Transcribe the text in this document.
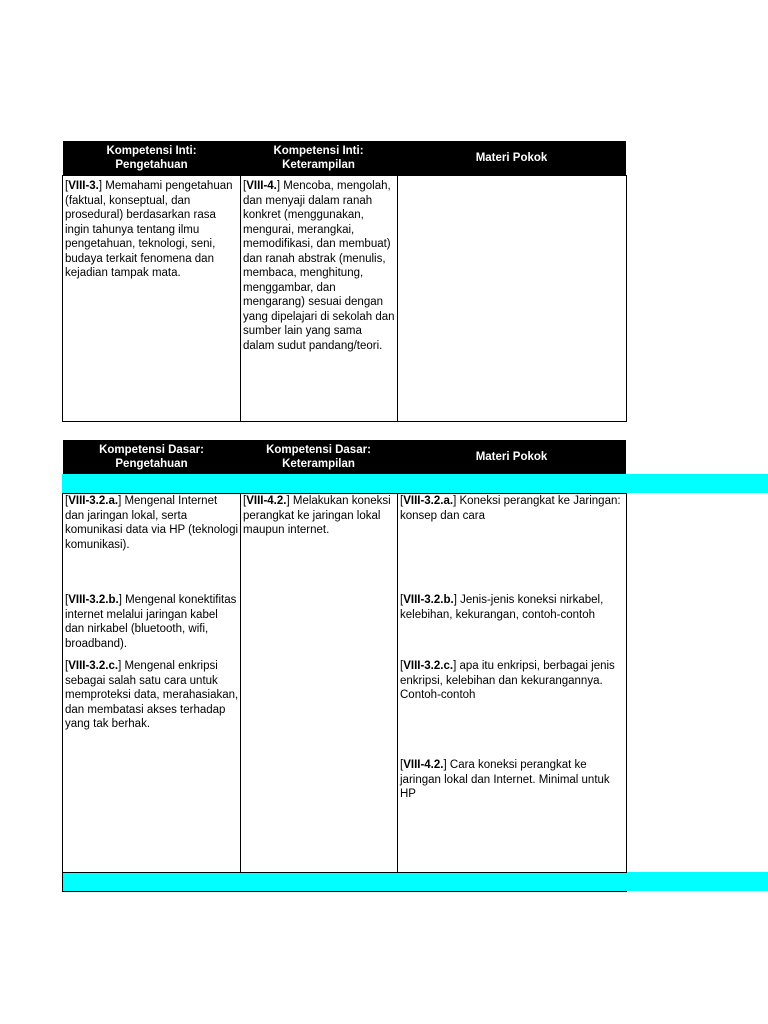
Kompetensi Inti:
Pengetahuan
Kompetensi Inti:
Keterampilan
Materi Pokok
[VIII-3.] Memahami pengetahuan (faktual, konseptual, dan prosedural) berdasarkan rasa ingin tahunya tentang ilmu pengetahuan, teknologi, seni, budaya terkait fenomena dan kejadian tampak mata.
[VIII-4.] Mencoba, mengolah, dan menyaji dalam ranah konkret (menggunakan, mengurai, merangkai, memodifikasi, dan membuat) dan ranah abstrak (menulis, membaca, menghitung, menggambar, dan mengarang) sesuai dengan yang dipelajari di sekolah dan sumber lain yang sama dalam sudut pandang/teori.
Kompetensi Dasar:
Pengetahuan
Kompetensi Dasar:
Keterampilan
Materi Pokok
[VIII-3.2.a.] Mengenal Internet dan jaringan lokal, serta komunikasi data via HP (teknologi komunikasi).
[VIII-3.2.b.] Mengenal konektifitas internet melalui jaringan kabel dan nirkabel (bluetooth, wifi, broadband).
[VIII-3.2.c.] Mengenal enkripsi sebagai salah satu cara untuk memproteksi data, merahasiakan, dan membatasi akses terhadap yang tak berhak.
[VIII-4.2.] Melakukan koneksi perangkat ke jaringan lokal maupun internet.
[VIII-3.2.a.] Koneksi perangkat ke Jaringan: konsep dan cara
[VIII-3.2.b.] Jenis-jenis koneksi nirkabel, kelebihan, kekurangan, contoh-contoh
[VIII-3.2.c.] apa itu enkripsi, berbagai jenis enkripsi, kelebihan dan kekurangannya. Contoh-contoh
[VIII-4.2.] Cara koneksi perangkat ke jaringan lokal dan Internet. Minimal untuk HP
